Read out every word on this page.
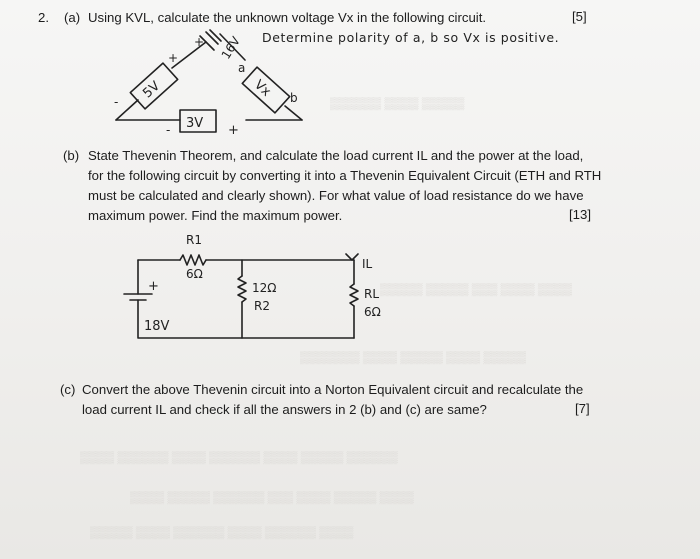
▒▒▒▒▒▒ ▒▒▒▒ ▒▒▒▒▒
▒▒▒▒▒ ▒▒▒▒▒ ▒▒▒ ▒▒▒▒ ▒▒▒▒
▒▒▒▒▒▒▒ ▒▒▒▒ ▒▒▒▒▒ ▒▒▒▒ ▒▒▒▒▒
▒▒▒▒ ▒▒▒▒▒▒ ▒▒▒▒ ▒▒▒▒▒▒ ▒▒▒▒ ▒▒▒▒▒ ▒▒▒▒▒▒
▒▒▒▒ ▒▒▒▒▒ ▒▒▒▒▒▒ ▒▒▒ ▒▒▒▒ ▒▒▒▒▒ ▒▒▒▒
▒▒▒▒▒ ▒▒▒▒ ▒▒▒▒▒▒ ▒▒▒▒ ▒▒▒▒▒▒ ▒▒▒▒
2. (a) Using KVL, calculate the unknown voltage Vx in the following circuit.	[5]
Determine polarity of a, b so Vx is positive.
5V
-
+
+ 16V
Vx
a
b
3V
-	+
(b) State Thevenin Theorem, and calculate the load current IL and the power at the load,
for the following circuit by converting it into a Thevenin Equivalent Circuit (ETH and RTH
must be calculated and clearly shown). For what value of load resistance do we have
maximum power. Find the maximum power.	[13]
R1
6Ω
+
18V
12Ω
R2
IL
RL
6Ω
(c) Convert the above Thevenin circuit into a Norton Equivalent circuit and recalculate the
load current IL and check if all the answers in 2 (b) and (c) are same?	[7]
